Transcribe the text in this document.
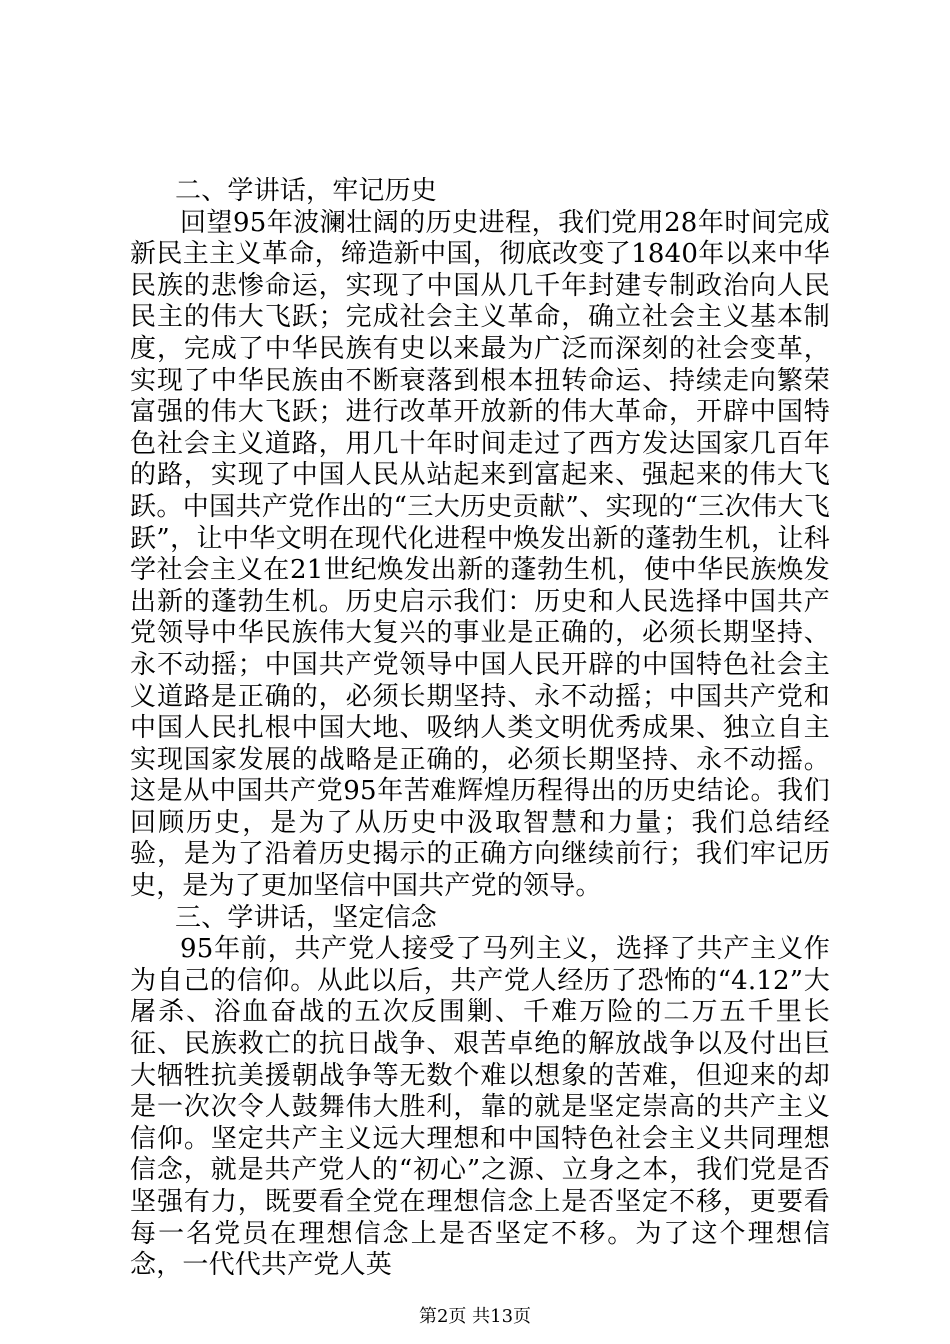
二、学讲话，牢记历史

回望95年波澜壮阔的历史进程，我们党用28年时间完成新民主主义革命，缔造新中国，彻底改变了1840年以来中华民族的悲惨命运，实现了中国从几千年封建专制政治向人民民主的伟大飞跃；完成社会主义革命，确立社会主义基本制度，完成了中华民族有史以来最为广泛而深刻的社会变革，实现了中华民族由不断衰落到根本扭转命运、持续走向繁荣富强的伟大飞跃；进行改革开放新的伟大革命，开辟中国特色社会主义道路，用几十年时间走过了西方发达国家几百年的路，实现了中国人民从站起来到富起来、强起来的伟大飞跃。中国共产党作出的“三大历史贡献”、实现的“三次伟大飞跃”，让中华文明在现代化进程中焕发出新的蓬勃生机，让科学社会主义在21世纪焕发出新的蓬勃生机，使中华民族焕发出新的蓬勃生机。历史启示我们：历史和人民选择中国共产党领导中华民族伟大复兴的事业是正确的，必须长期坚持、永不动摇；中国共产党领导中国人民开辟的中国特色社会主义道路是正确的，必须长期坚持、永不动摇；中国共产党和中国人民扎根中国大地、吸纳人类文明优秀成果、独立自主实现国家发展的战略是正确的，必须长期坚持、永不动摇。这是从中国共产党95年苦难辉煌历程得出的历史结论。我们回顾历史，是为了从历史中汲取智慧和力量；我们总结经验，是为了沿着历史揭示的正确方向继续前行；我们牢记历史，是为了更加坚信中国共产党的领导。

三、学讲话，坚定信念

95年前，共产党人接受了马列主义，选择了共产主义作为自己的信仰。从此以后，共产党人经历了恐怖的“4.12”大屠杀、浴血奋战的五次反围剿、千难万险的二万五千里长征、民族救亡的抗日战争、艰苦卓绝的解放战争以及付出巨大牺牲抗美援朝战争等无数个难以想象的苦难，但迎来的却是一次次令人鼓舞伟大胜利，靠的就是坚定崇高的共产主义信仰。坚定共产主义远大理想和中国特色社会主义共同理想信念，就是共产党人的“初心”之源、立身之本，我们党是否坚强有力，既要看全党在理想信念上是否坚定不移，更要看每一名党员在理想信念上是否坚定不移。为了这个理想信念，一代代共产党人英

第2页 共13页
